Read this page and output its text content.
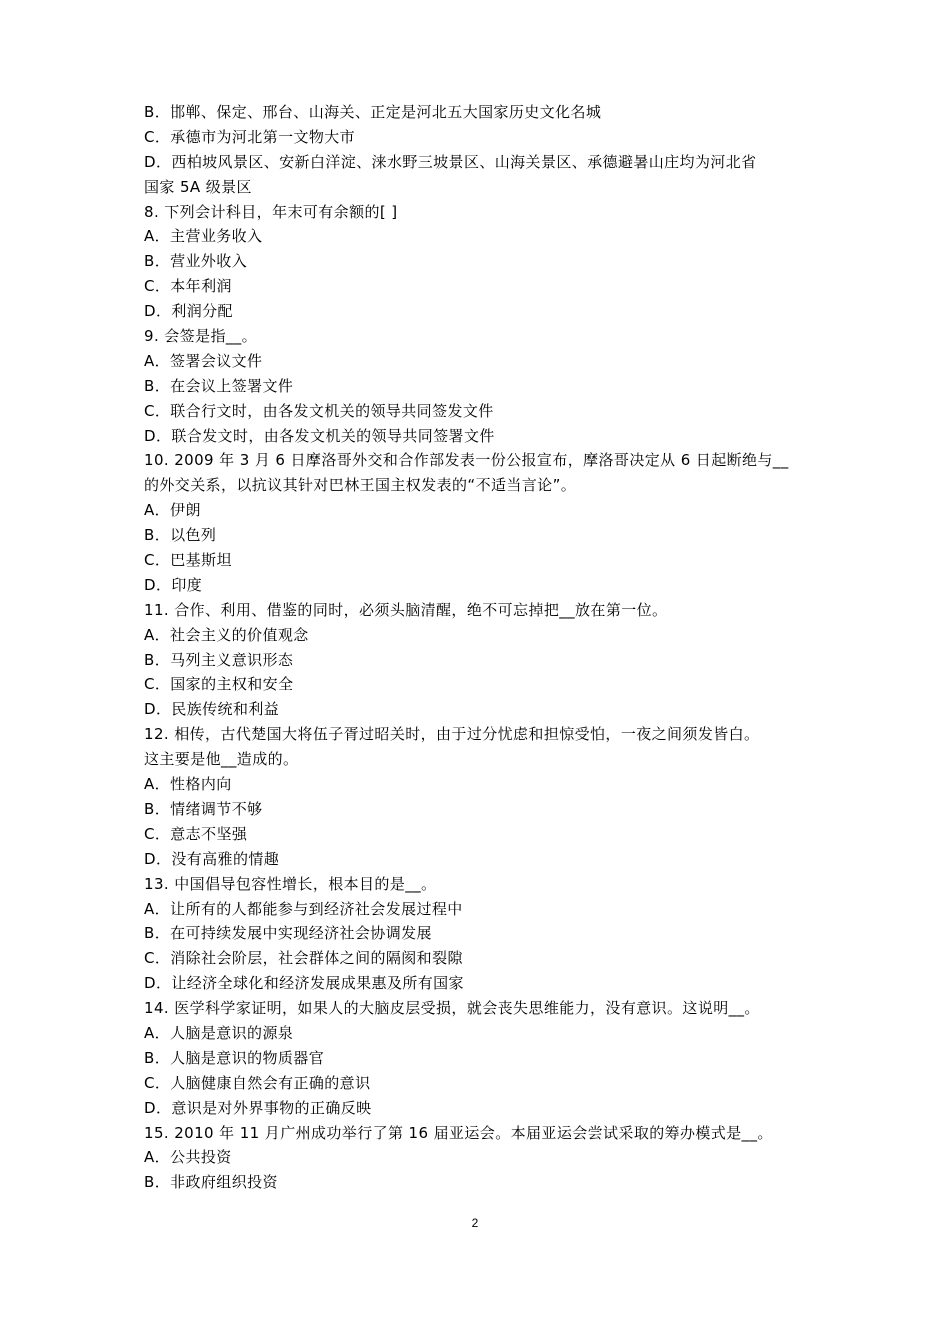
B．邯郸、保定、邢台、山海关、正定是河北五大国家历史文化名城
C．承德市为河北第一文物大市
D．西柏坡风景区、安新白洋淀、涞水野三坡景区、山海关景区、承德避暑山庄均为河北省
国家 5A 级景区
8. 下列会计科目，年末可有余额的[ ]
A．主营业务收入
B．营业外收入
C．本年利润
D．利润分配
9. 会签是指__。
A．签署会议文件
B．在会议上签署文件
C．联合行文时，由各发文机关的领导共同签发文件
D．联合发文时，由各发文机关的领导共同签署文件
10. 2009 年 3 月 6 日摩洛哥外交和合作部发表一份公报宣布，摩洛哥决定从 6 日起断绝与__
的外交关系，以抗议其针对巴林王国主权发表的“不适当言论”。
A．伊朗
B．以色列
C．巴基斯坦
D．印度
11. 合作、利用、借鉴的同时，必须头脑清醒，绝不可忘掉把__放在第一位。
A．社会主义的价值观念
B．马列主义意识形态
C．国家的主权和安全
D．民族传统和利益
12. 相传，古代楚国大将伍子胥过昭关时，由于过分忧虑和担惊受怕，一夜之间须发皆白。
这主要是他__造成的。
A．性格内向
B．情绪调节不够
C．意志不坚强
D．没有高雅的情趣
13. 中国倡导包容性增长，根本目的是__。
A．让所有的人都能参与到经济社会发展过程中
B．在可持续发展中实现经济社会协调发展
C．消除社会阶层，社会群体之间的隔阂和裂隙
D．让经济全球化和经济发展成果惠及所有国家
14. 医学科学家证明，如果人的大脑皮层受损，就会丧失思维能力，没有意识。这说明__。
A．人脑是意识的源泉
B．人脑是意识的物质器官
C．人脑健康自然会有正确的意识
D．意识是对外界事物的正确反映
15. 2010 年 11 月广州成功举行了第 16 届亚运会。本届亚运会尝试采取的筹办模式是__。
A．公共投资
B．非政府组织投资
2
